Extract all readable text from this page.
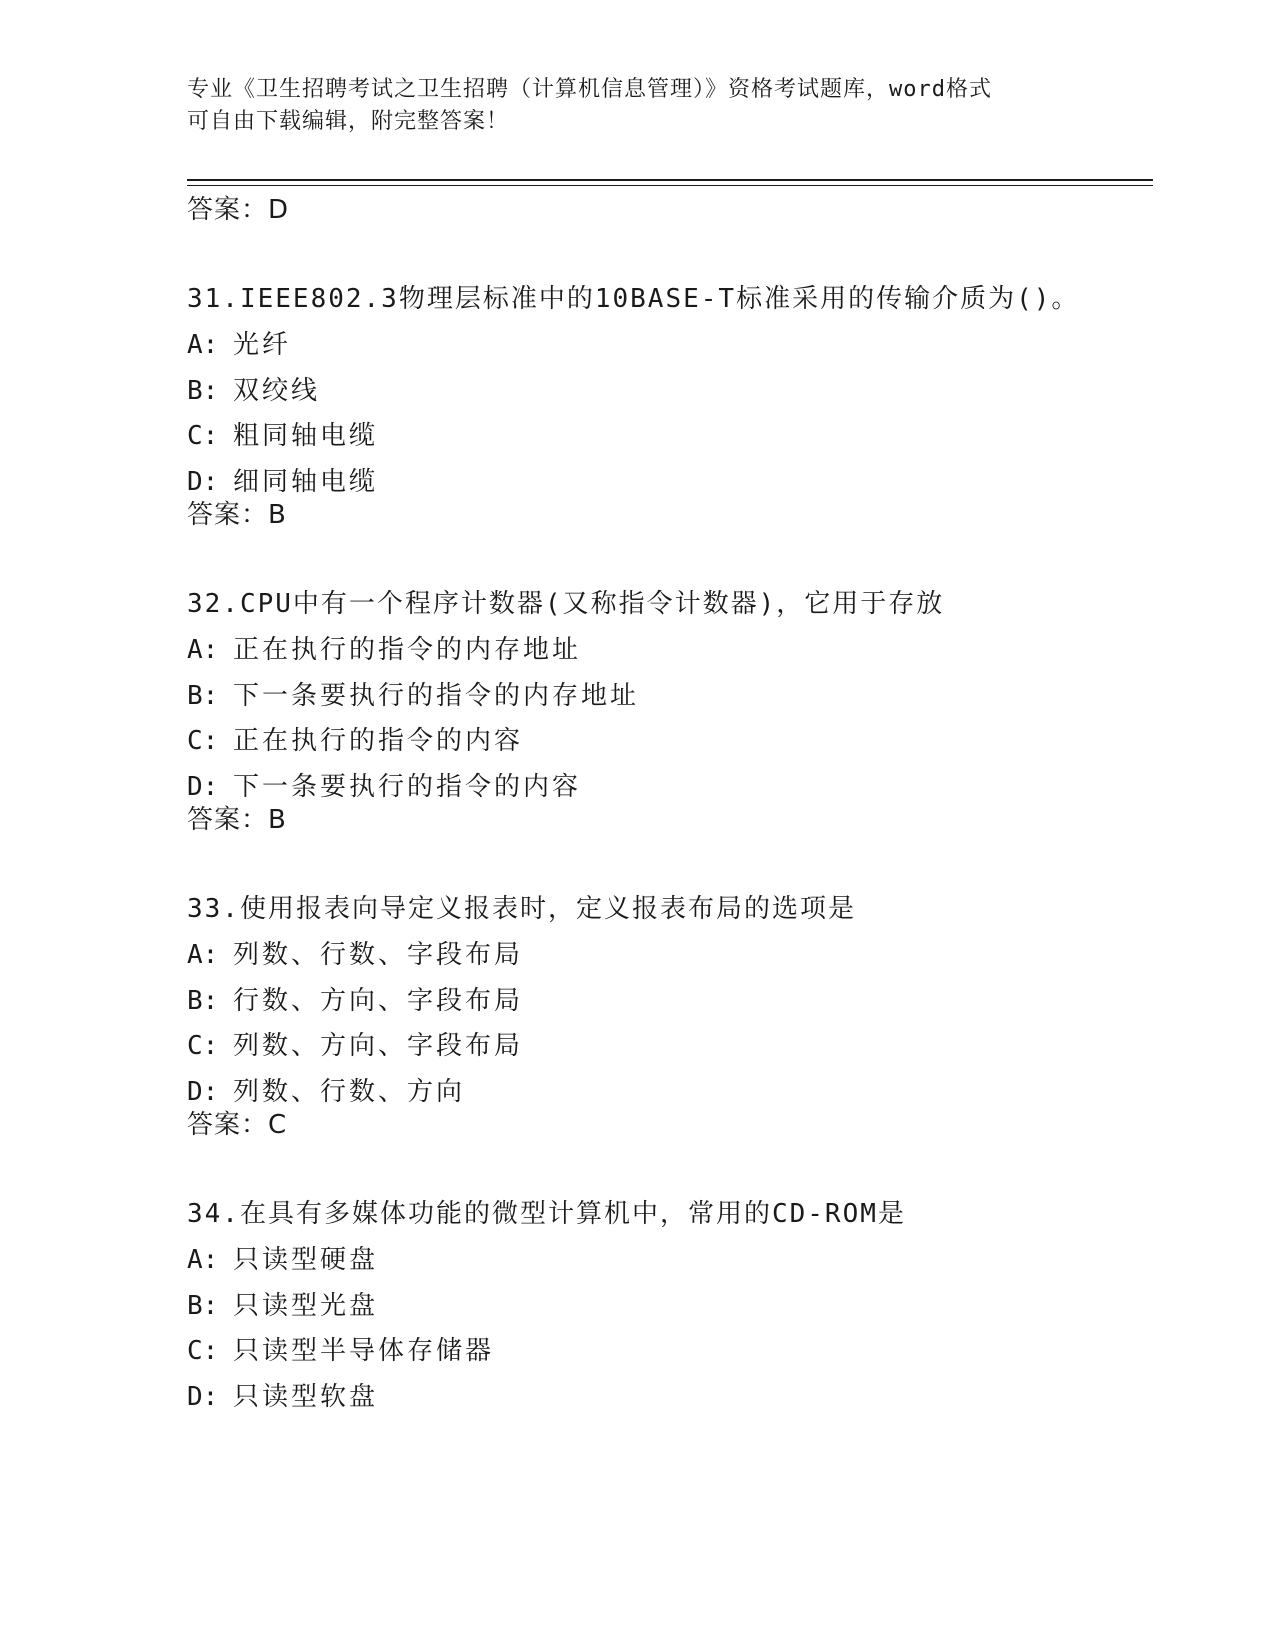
专业《卫生招聘考试之卫生招聘（计算机信息管理）》资格考试题库，word格式
可自由下载编辑，附完整答案！
答案：D
31.IEEE802.3物理层标准中的10BASE-T标准采用的传输介质为()。
A: 光纤
B: 双绞线
C: 粗同轴电缆
D: 细同轴电缆
答案：B
32.CPU中有一个程序计数器(又称指令计数器)，它用于存放
A: 正在执行的指令的内存地址
B: 下一条要执行的指令的内存地址
C: 正在执行的指令的内容
D: 下一条要执行的指令的内容
答案：B
33.使用报表向导定义报表时，定义报表布局的选项是
A: 列数、行数、字段布局
B: 行数、方向、字段布局
C: 列数、方向、字段布局
D: 列数、行数、方向
答案：C
34.在具有多媒体功能的微型计算机中，常用的CD-ROM是
A: 只读型硬盘
B: 只读型光盘
C: 只读型半导体存储器
D: 只读型软盘
